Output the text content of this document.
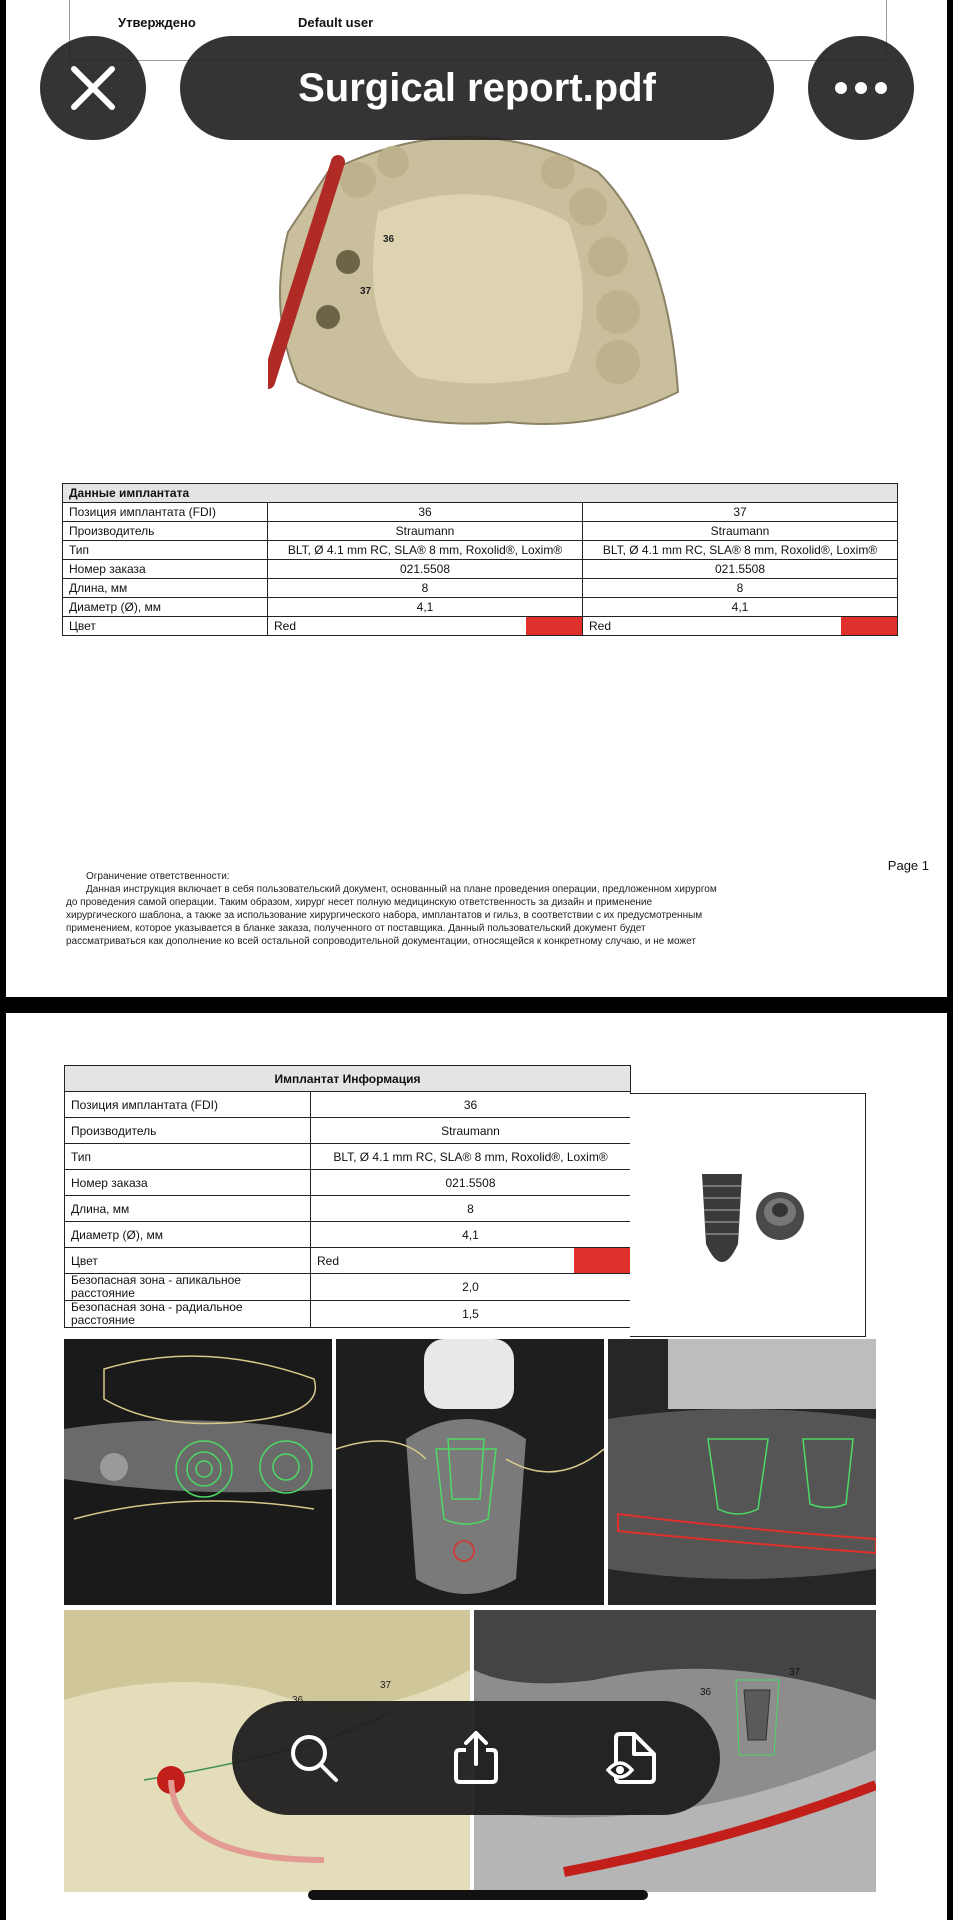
Утверждено	Default user
36
37
Данные имплантата		
Позиция имплантата (FDI)	36	37
Производитель	Straumann	Straumann
Тип	BLT, Ø 4.1 mm RC, SLA® 8 mm, Roxolid®, Loxim®	BLT, Ø 4.1 mm RC, SLA® 8 mm, Roxolid®, Loxim®
Номер заказа	021.5508	021.5508
Длина, мм	8	8
Диаметр (Ø), мм	4,1	4,1
Цвет	Red	Red
Page 1

Ограничение ответственности:

Данная инструкция включает в себя пользовательский документ, основанный на плане проведения операции, предложенном хирургом

до проведения самой операции. Таким образом, хирург несет полную медицинскую ответственность за дизайн и применение

хирургического шаблона, а также за использование хирургического набора, имплантатов и гильз, в соответствии с их предусмотренным

применением, которое указывается в бланке заказа, полученного от поставщика. Данный пользовательский документ будет

рассматриваться как дополнение ко всей остальной сопроводительной документации, относящейся к конкретному случаю, и не может

Имплантат Информация	
Позиция имплантата (FDI)	36
Производитель	Straumann
Тип	BLT, Ø 4.1 mm RC, SLA® 8 mm, Roxolid®, Loxim®
Номер заказа	021.5508
Длина, мм	8
Диаметр (Ø), мм	4,1
Цвет	Red

Безопасная зона - апикальное расстояние	2,0
Безопасная зона - радиальное расстояние	1,5
37
36
37
Surgical report.pdf
